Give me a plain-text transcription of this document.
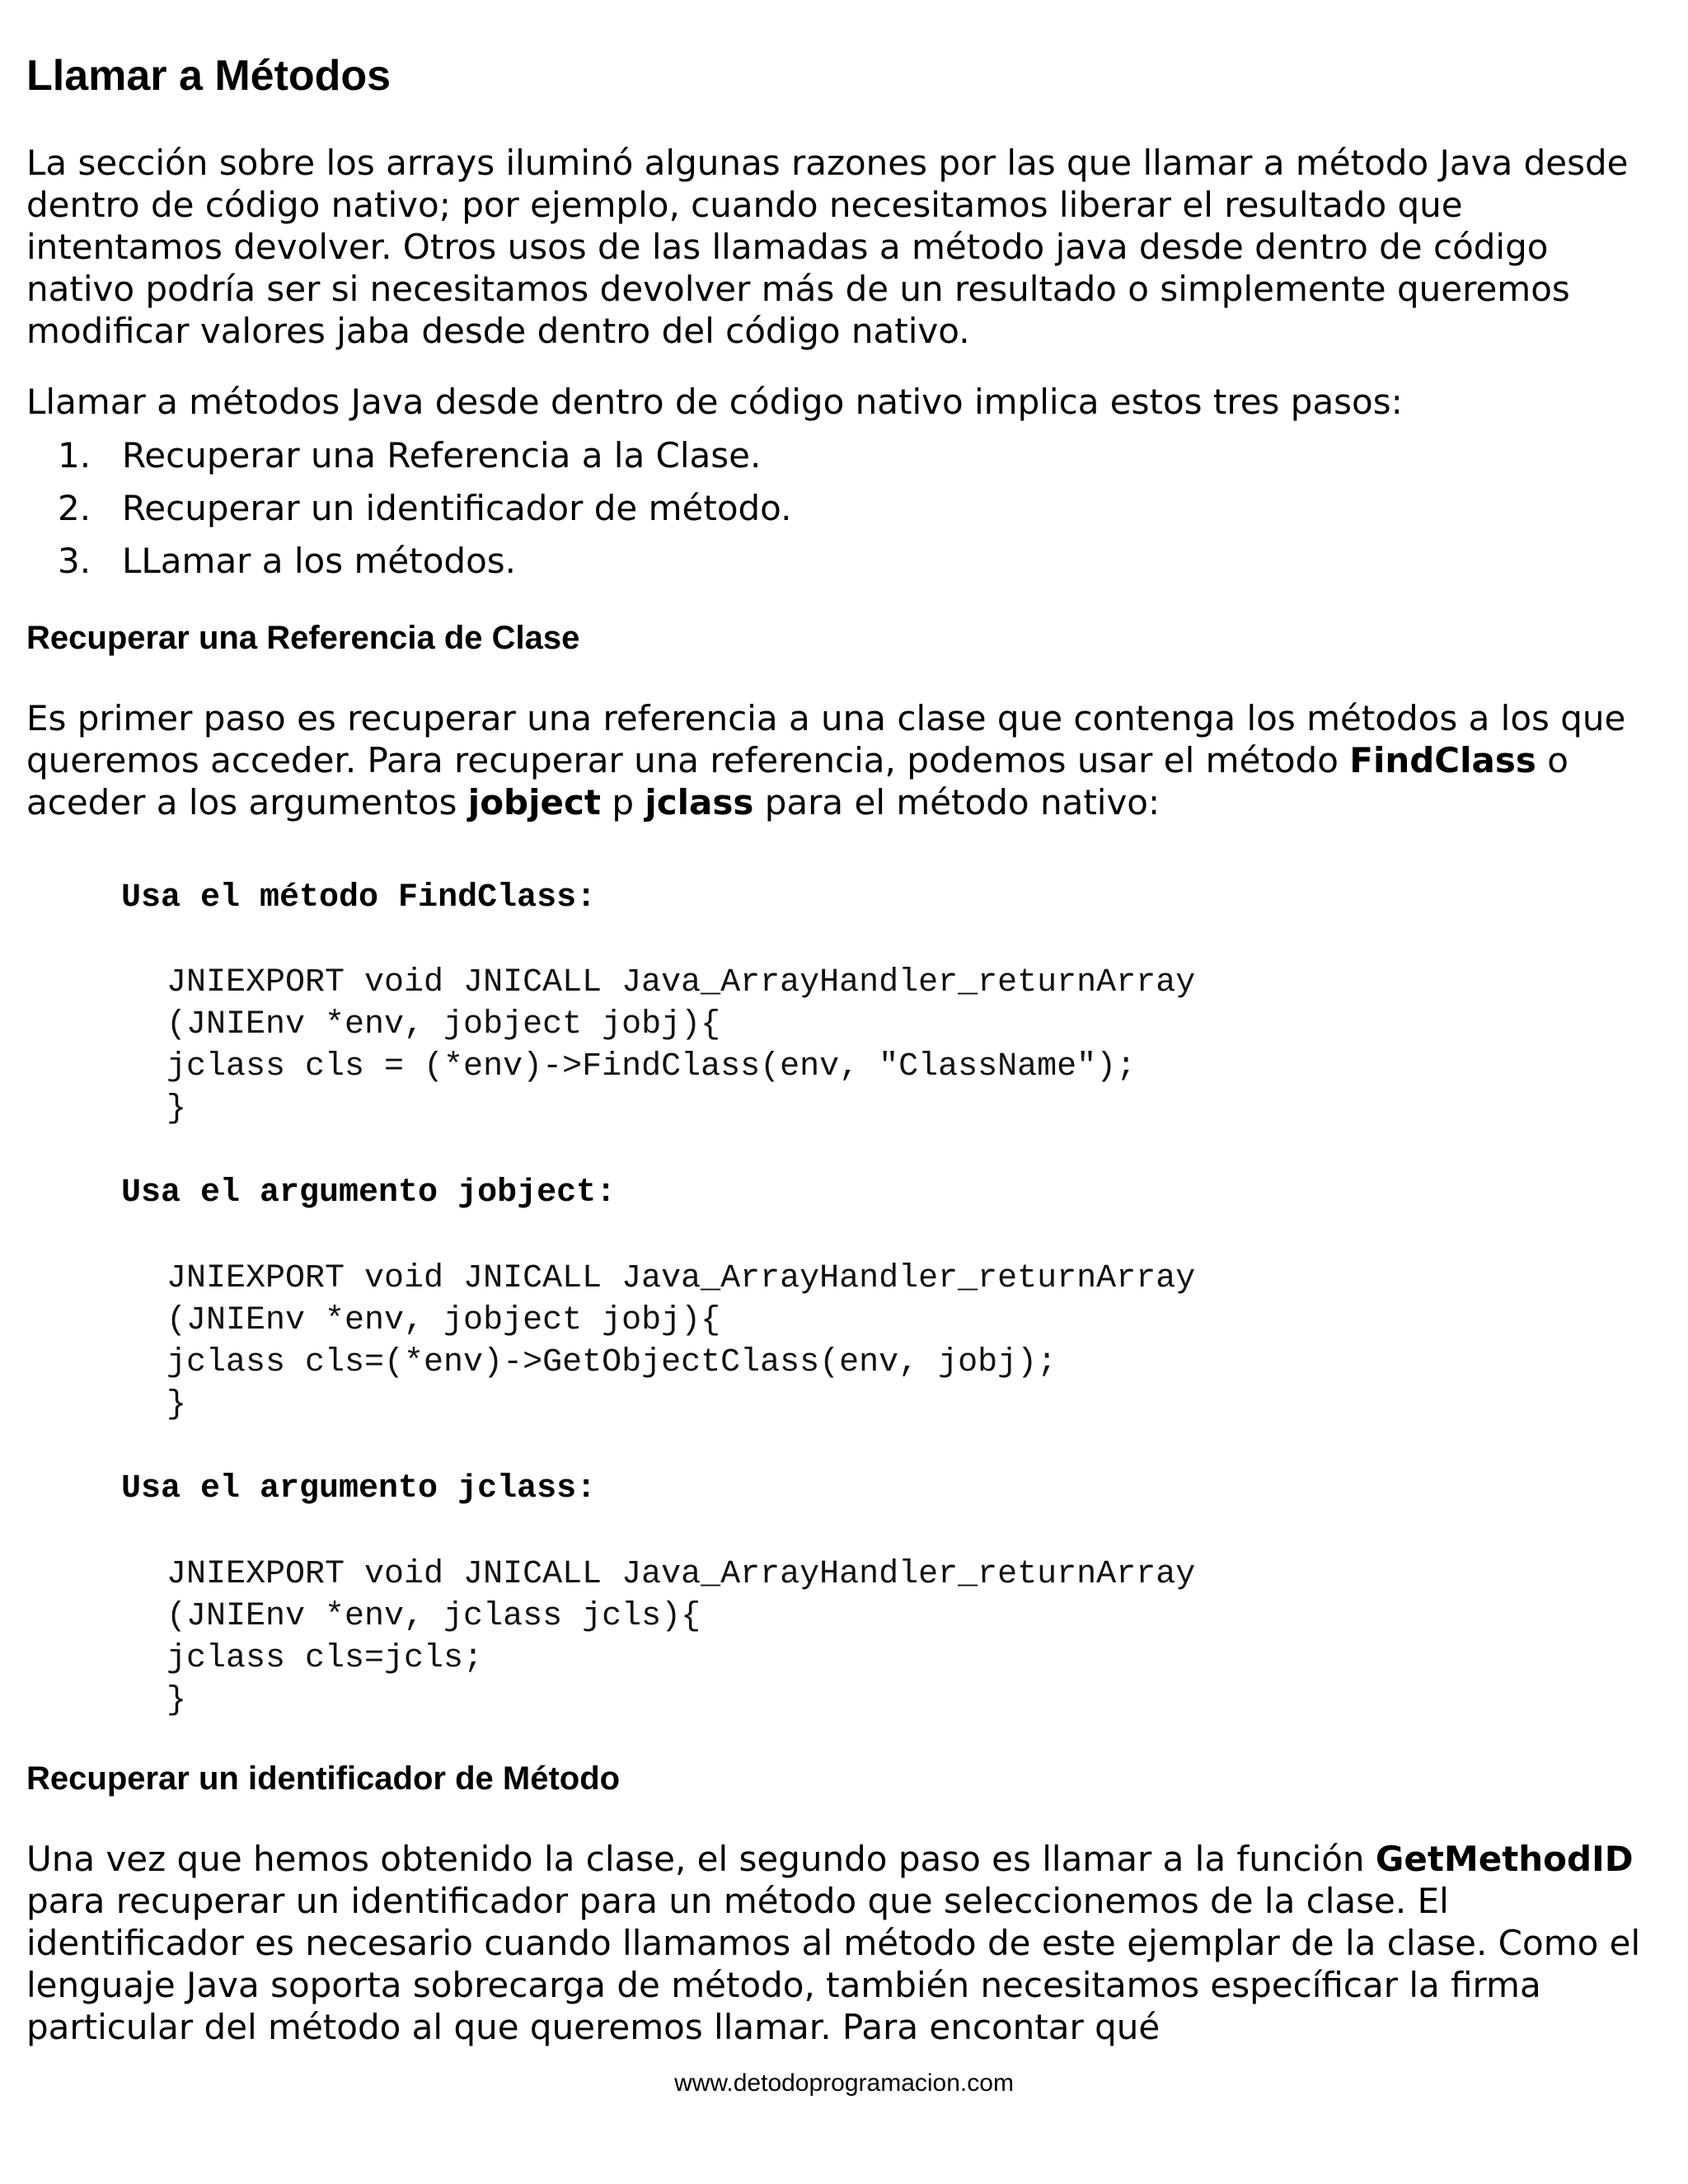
Llamar a Métodos

La sección sobre los arrays iluminó algunas razones por las que llamar a método Java desde dentro de código nativo; por ejemplo, cuando necesitamos liberar el resultado que intentamos devolver. Otros usos de las llamadas a método java desde dentro de código nativo podría ser si necesitamos devolver más de un resultado o simplemente queremos modificar valores jaba desde dentro del código nativo.

Llamar a métodos Java desde dentro de código nativo implica estos tres pasos:

1. Recuperar una Referencia a la Clase.
2. Recuperar un identificador de método.
3. LLamar a los métodos.
Recuperar una Referencia de Clase

Es primer paso es recuperar una referencia a una clase que contenga los métodos a los que queremos acceder. Para recuperar una referencia, podemos usar el método FindClass o aceder a los argumentos jobject p jclass para el método nativo:

Usa el método FindClass:
JNIEXPORT void JNICALL Java_ArrayHandler_returnArray
(JNIEnv *env, jobject jobj){
jclass cls = (*env)->FindClass(env, "ClassName");
}
Usa el argumento jobject:
JNIEXPORT void JNICALL Java_ArrayHandler_returnArray
(JNIEnv *env, jobject jobj){
jclass cls=(*env)->GetObjectClass(env, jobj);
}
Usa el argumento jclass:
JNIEXPORT void JNICALL Java_ArrayHandler_returnArray
(JNIEnv *env, jclass jcls){
jclass cls=jcls;
}
Recuperar un identificador de Método

Una vez que hemos obtenido la clase, el segundo paso es llamar a la función GetMethodID para recuperar un identificador para un método que seleccionemos de la clase. El identificador es necesario cuando llamamos al método de este ejemplar de la clase. Como el lenguaje Java soporta sobrecarga de método, también necesitamos específicar la firma particular del método al que queremos llamar. Para encontar qué

www.detodoprogramacion.com
